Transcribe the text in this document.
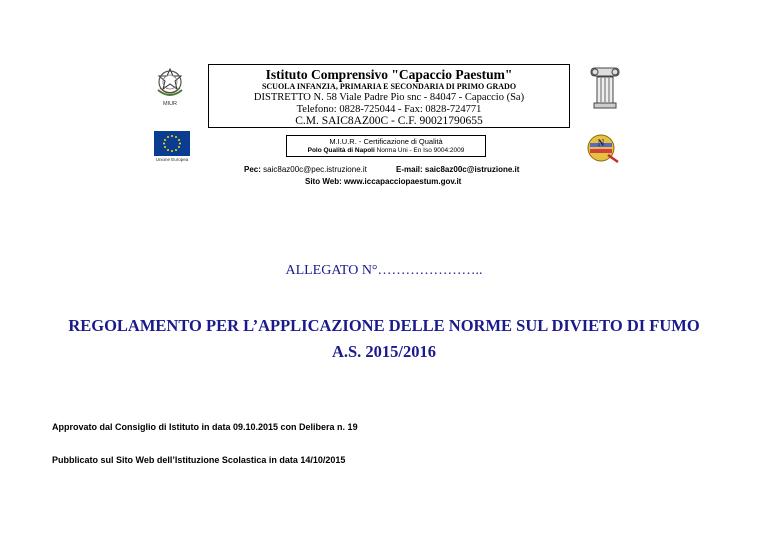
MIUR
Unione Europea
Istituto Comprensivo "Capaccio Paestum"
SCUOLA INFANZIA, PRIMARIA E SECONDARIA DI PRIMO GRADO
DISTRETTO N. 58 Viale Padre Pio snc - 84047 - Capaccio (Sa)
Telefono: 0828-725044 - Fax: 0828-724771
C.M. SAIC8AZ00C - C.F. 90021790655
M.I.U.R. - Certificazione di Qualità
Polo Qualità di Napoli Norma Uni - En Iso 9004:2009
N
Pec: saic8az00c@pec.istruzione.it	E-mail: saic8az00c@istruzione.it
Sito Web: www.iccapacciopaestum.gov.it
ALLEGATO N°…………………..
REGOLAMENTO PER L’APPLICAZIONE DELLE NORME SUL DIVIETO DI FUMO
A.S. 2015/2016
Approvato dal Consiglio di Istituto in data 09.10.2015 con Delibera n. 19
Pubblicato sul Sito Web dell’Istituzione Scolastica in data 14/10/2015
